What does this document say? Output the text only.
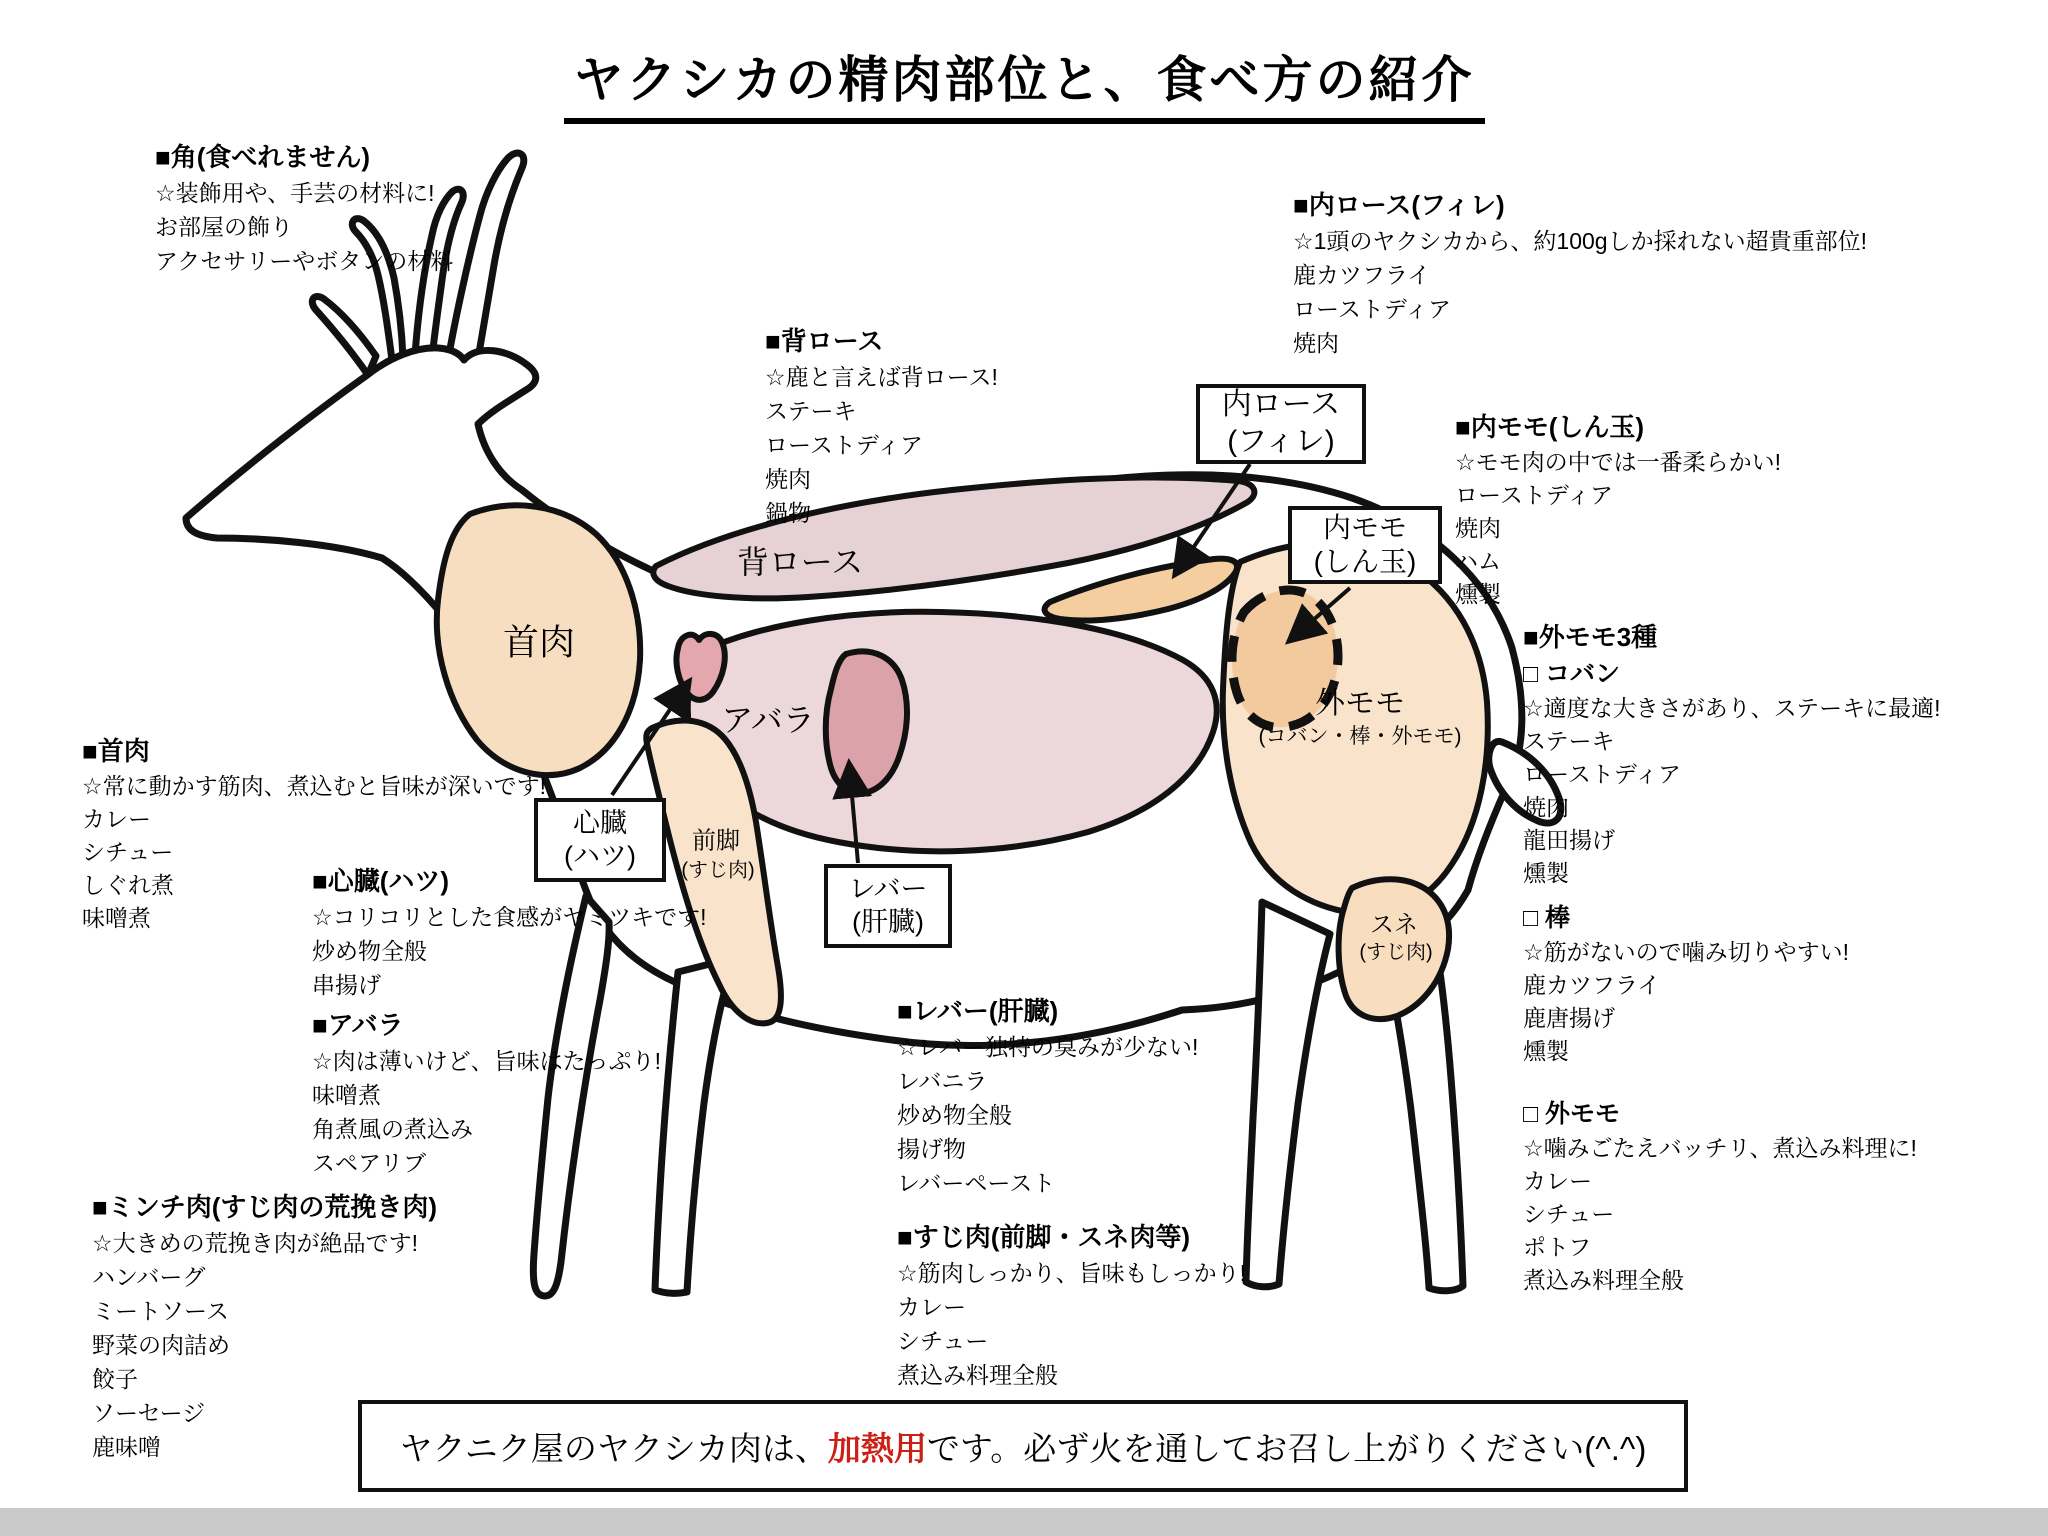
ヤクシカの精肉部位と、食べ方の紹介
首肉
背ロース
アバラ	外モモ
(コバン・棒・外モモ)
前脚
(すじ肉)
スネ
(すじ肉)
内ロース
(フィレ)
内モモ
(しん玉)
心臓
(ハツ)
レバー
(肝臓)
■角(食べれません)
☆装飾用や、手芸の材料に!
お部屋の飾り
アクセサリーやボタンの材料
■内ロース(フィレ)
☆1頭のヤクシカから、約100gしか採れない超貴重部位!
鹿カツフライ
ローストディア
焼肉
■背ロース
☆鹿と言えば背ロース!
ステーキ
ローストディア
焼肉
鍋物
■内モモ(しん玉)
☆モモ肉の中では一番柔らかい!
ローストディア
焼肉
ハム
燻製
■外モモ3種
□ コバン
☆適度な大きさがあり、ステーキに最適!
ステーキ
ローストディア
焼肉
龍田揚げ
燻製
□ 棒
☆筋がないので噛み切りやすい!
鹿カツフライ
鹿唐揚げ
燻製
□ 外モモ
☆噛みごたえバッチリ、煮込み料理に!
カレー
シチュー
ポトフ
煮込み料理全般
■首肉
☆常に動かす筋肉、煮込むと旨味が深いです!
カレー
シチュー
しぐれ煮
味噌煮
■心臓(ハツ)
☆コリコリとした食感がヤミツキです!
炒め物全般
串揚げ
■アバラ
☆肉は薄いけど、旨味はたっぷり!
味噌煮
角煮風の煮込み
スペアリブ
■ミンチ肉(すじ肉の荒挽き肉)
☆大きめの荒挽き肉が絶品です!
ハンバーグ
ミートソース
野菜の肉詰め
餃子
ソーセージ
鹿味噌
■レバー(肝臓)
☆レバー独特の臭みが少ない!
レバニラ
炒め物全般
揚げ物
レバーペースト
■すじ肉(前脚・スネ肉等)
☆筋肉しっかり、旨味もしっかり!
カレー
シチュー
煮込み料理全般
ヤクニク屋のヤクシカ肉は、 加熱用 です。必ず火を通してお召し上がりください(^.^)
